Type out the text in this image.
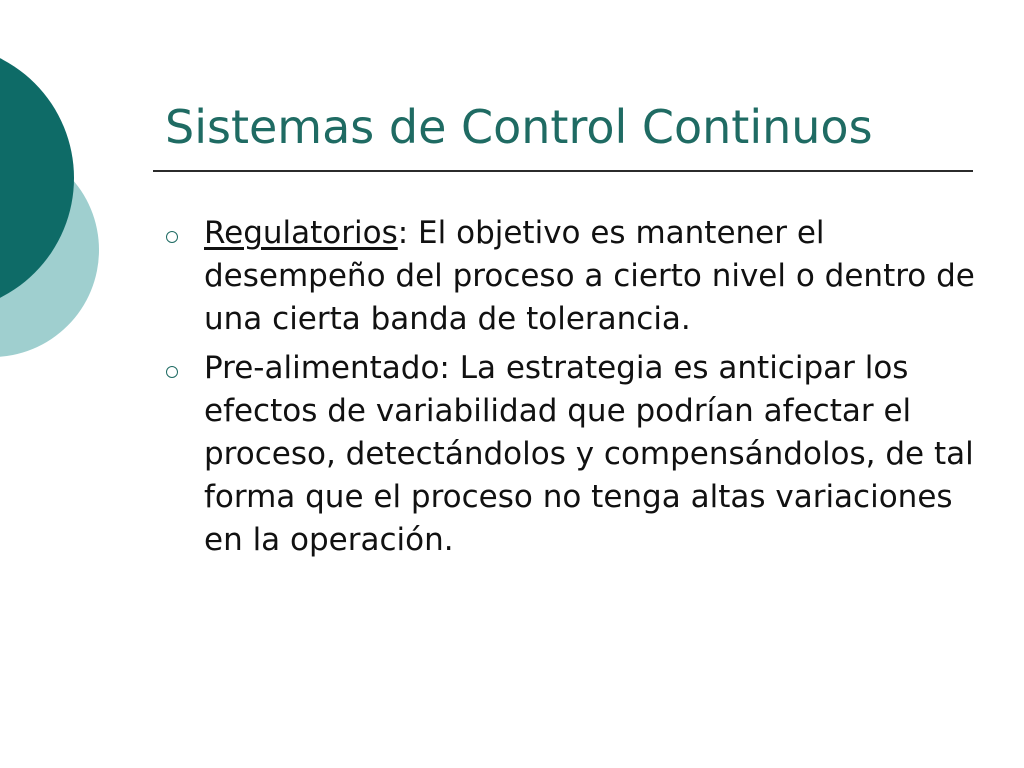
Sistemas de Control Continuos
Regulatorios: El objetivo es mantener el desempeño del proceso a cierto nivel o dentro de una cierta banda de tolerancia.
Pre-alimentado: La estrategia es anticipar los efectos de variabilidad que podrían afectar el proceso, detectándolos y compensándolos, de tal forma que el proceso no tenga altas variaciones en la operación.
